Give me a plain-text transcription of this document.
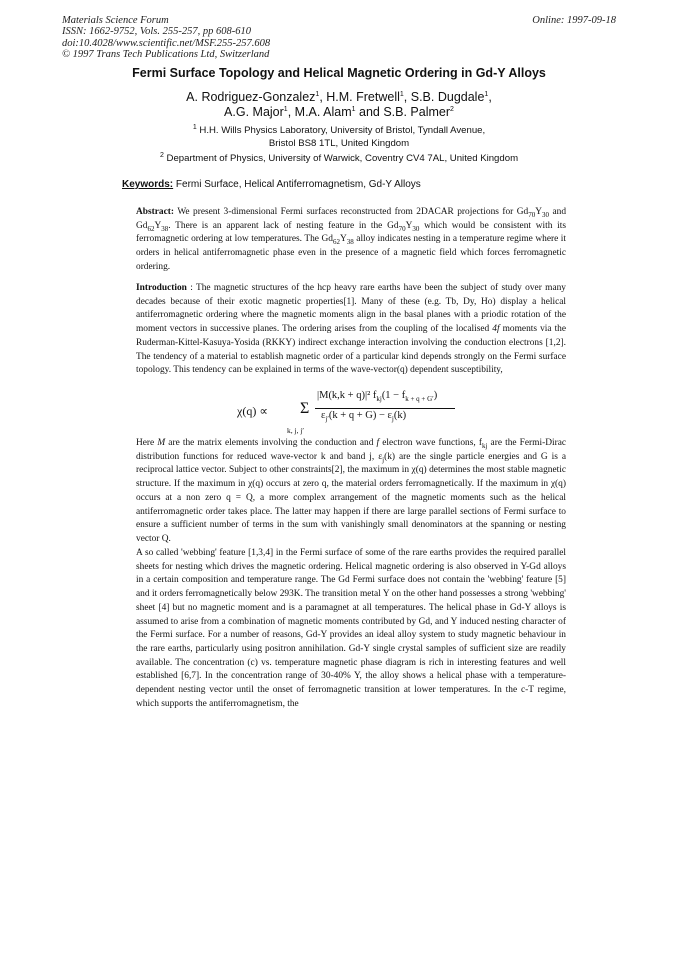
Materials Science Forum
ISSN: 1662-9752, Vols. 255-257, pp 608-610
doi:10.4028/www.scientific.net/MSF.255-257.608
© 1997 Trans Tech Publications Ltd, Switzerland
Online: 1997-09-18
Fermi Surface Topology and Helical Magnetic Ordering in Gd-Y Alloys
A. Rodriguez-Gonzalez$^1$, H.M. Fretwell$^1$, S.B. Dugdale$^1$,
A.G. Major$^1$, M.A. Alam$^1$ and S.B. Palmer$^2$
$^1$ H.H. Wills Physics Laboratory, University of Bristol, Tyndall Avenue,
Bristol BS8 1TL, United Kingdom
$^2$ Department of Physics, University of Warwick, Coventry CV4 7AL, United Kingdom
Keywords: Fermi Surface, Helical Antiferromagnetism, Gd-Y Alloys

Abstract: We present 3-dimensional Fermi surfaces reconstructed from 2DACAR projections for $Gd_{70}Y_{30}$ and $Gd_{62}Y_{38}$. There is an apparent lack of nesting feature in the $Gd_{70}Y_{30}$ which would be consistent with its ferromagnetic ordering at low temperatures. The $Gd_{62}Y_{38}$ alloy indicates nesting in a temperature regime where it orders in helical antiferromagnetic phase even in the presence of a magnetic field which forces ferromagnetic ordering.

Introduction : The magnetic structures of the hcp heavy rare earths have been the subject of study over many decades because of their exotic magnetic properties[1]. Many of these (e.g. Tb, Dy, Ho) display a helical antiferromagnetic ordering where the magnetic moments align in the basal planes with a priodic rotation of the moment vectors in successive planes. The ordering arises from the coupling of the localised 4f moments via the Ruderman-Kittel-Kasuya-Yosida (RKKY) indirect exchange interaction involving the conduction electrons [1,2]. The tendency of a material to establish magnetic order of a particular kind depends strongly on the Fermi surface topology. This tendency can be explained in terms of the wave-vector(q) dependent susceptibility,

χ(q) ∝ Σ
k, j, j′
|M(k,k + q)|² $f_{kj}(1 - f_{k + q + G'})$
$\varepsilon_{j'}(k + q + G) - \varepsilon_j(k)$

Here M are the matrix elements involving the conduction and f electron wave functions, $f_{kj}$ are the Fermi-Dirac distribution functions for reduced wave-vector k and band j, $\varepsilon_j(k)$ are the single particle energies and G is a reciprocal lattice vector. Subject to other constraints[2], the maximum in χ(q) determines the most stable magnetic structure. If the maximum in χ(q) occurs at zero q, the material orders ferromagnetically. If the maximum in χ(q) occurs at a non zero q = Q, a more complex arrangement of the magnetic moments such as the helical antiferromagnetic order takes place. The latter may happen if there are large parallel sections of Fermi surface to ensure a sufficient number of terms in the sum with vanishingly small denominators at the spanning or nesting vector Q.

A so called 'webbing' feature [1,3,4] in the Fermi surface of some of the rare earths provides the required parallel sheets for nesting which drives the magnetic ordering. Helical magnetic ordering is also observed in Y-Gd alloys in a certain composition and temperature range. The Gd Fermi surface does not contain the 'webbing' feature [5] and it orders ferromagnetically below 293K. The transition metal Y on the other hand possesses a strong 'webbing' sheet [4] but no magnetic moment and is a paramagnet at all temperatures. The helical phase in Gd-Y alloys is assumed to arise from a combination of magnetic moments contributed by Gd, and Y induced nesting character of the Fermi surface. For a number of reasons, Gd-Y provides an ideal alloy system to study magnetic behaviour in the rare earths, particularly using positron annihilation. Gd-Y single crystal samples of sufficient size are readily available. The concentration (c) vs. temperature magnetic phase diagram is rich in interesting features and well established [6,7]. In the concentration range of 30-40% Y, the alloy shows a helical phase with a temperature-dependent nesting vector until the onset of ferromagnetic transition at lower temperatures. In the c-T regime, which supports the antiferromagnetism, the
